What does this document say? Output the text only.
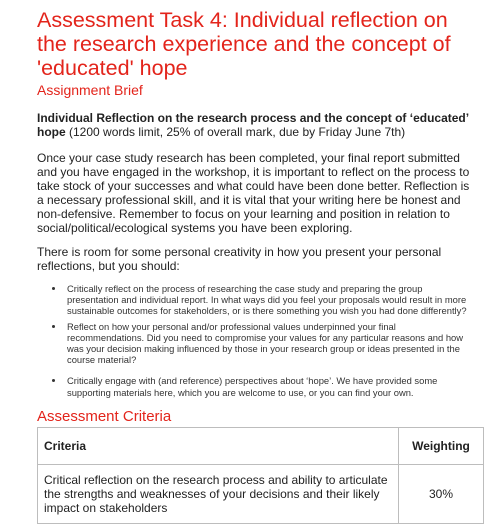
Assessment Task 4: Individual reflection on the research experience and the concept of 'educated' hope
Assignment Brief
Individual Reflection on the research process and the concept of ‘educated’ hope (1200 words limit, 25% of overall mark, due by Friday June 7th)

Once your case study research has been completed, your final report submitted and you have engaged in the workshop, it is important to reflect on the process to take stock of your successes and what could have been done better. Reflection is a necessary professional skill, and it is vital that your writing here be honest and non-defensive. Remember to focus on your learning and position in relation to social/political/ecological systems you have been exploring.

There is room for some personal creativity in how you present your personal reflections, but you should:

• Critically reflect on the process of researching the case study and preparing the group presentation and individual report. In what ways did you feel your proposals would result in more sustainable outcomes for stakeholders, or is there something you wish you had done differently?
• Reflect on how your personal and/or professional values underpinned your final recommendations. Did you need to compromise your values for any particular reasons and how was your decision making influenced by those in your research group or ideas presented in the course material?
• Critically engage with (and reference) perspectives about ‘hope’. We have provided some supporting materials here, which you are welcome to use, or you can find your own.
Assessment Criteria
Criteria	Weighting
Critical reflection on the research process and ability to articulate the strengths and weaknesses of your decisions and their likely impact on stakeholders	30%
